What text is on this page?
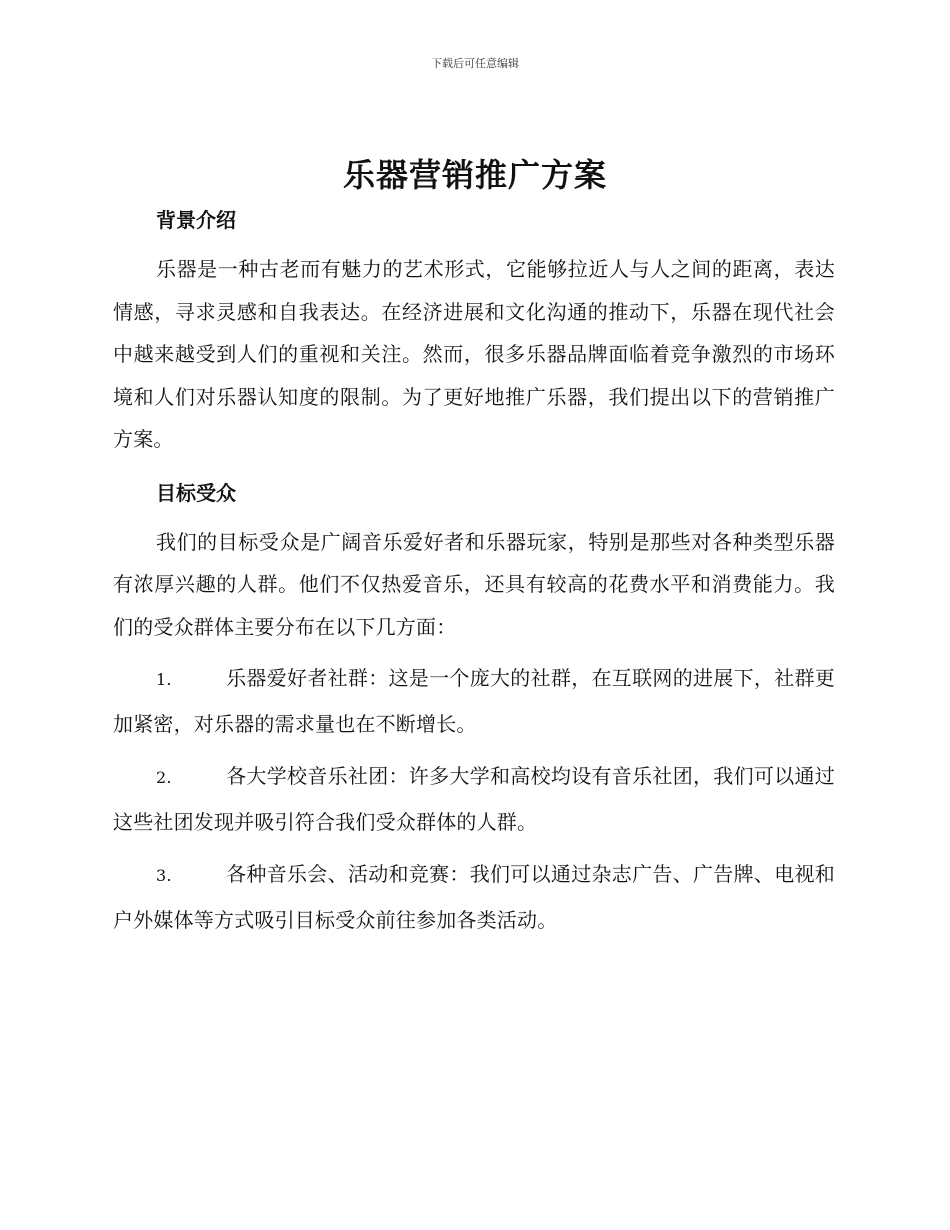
下载后可任意编辑
乐器营销推广方案
背景介绍

乐器是一种古老而有魅力的艺术形式，它能够拉近人与人之间的距离，表达情感，寻求灵感和自我表达。在经济进展和文化沟通的推动下，乐器在现代社会中越来越受到人们的重视和关注。然而，很多乐器品牌面临着竞争激烈的市场环境和人们对乐器认知度的限制。为了更好地推广乐器，我们提出以下的营销推广方案。

目标受众

我们的目标受众是广阔音乐爱好者和乐器玩家，特别是那些对各种类型乐器有浓厚兴趣的人群。他们不仅热爱音乐，还具有较高的花费水平和消费能力。我们的受众群体主要分布在以下几方面：

1.	乐器爱好者社群：这是一个庞大的社群，在互联网的进展下，社群更加紧密，对乐器的需求量也在不断增长。

2.	各大学校音乐社团：许多大学和高校均设有音乐社团，我们可以通过这些社团发现并吸引符合我们受众群体的人群。

3.	各种音乐会、活动和竞赛：我们可以通过杂志广告、广告牌、电视和户外媒体等方式吸引目标受众前往参加各类活动。
